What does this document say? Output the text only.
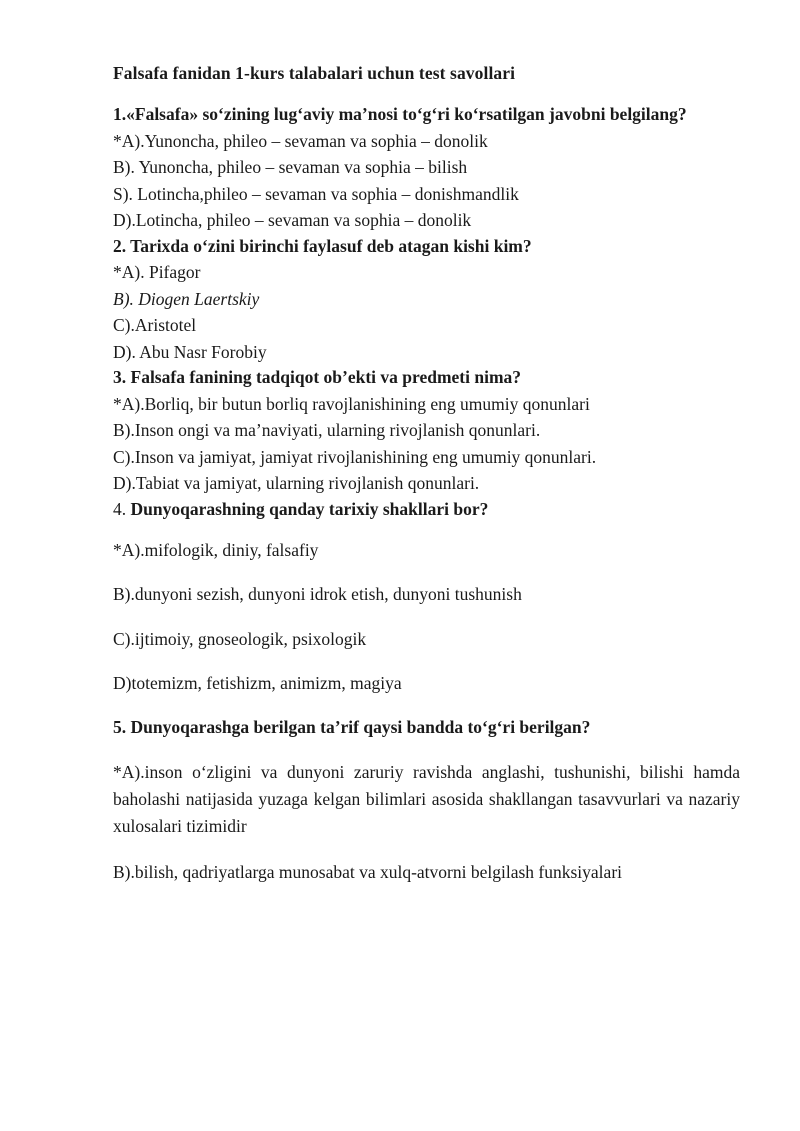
Falsafa fanidan 1-kurs talabalari uchun test savollari

1.«Falsafa» so‘zining lug‘aviy ma’nosi to‘g‘ri ko‘rsatilgan javobni belgilang?

*A).Yunoncha, phileo – sevaman va sophia – donolik

B). Yunoncha, phileo – sevaman va sophia – bilish

S). Lotincha,phileo – sevaman va sophia – donishmandlik

D).Lotincha, phileo – sevaman va sophia – donolik

2. Tarixda o‘zini birinchi faylasuf deb atagan kishi kim?

*A). Pifagor

B). Diogen Laertskiy

C).Aristotel

D). Abu Nasr Forobiy

3. Falsafa fanining tadqiqot ob’ekti va predmeti nima?

*A).Borliq, bir butun borliq ravojlanishining eng umumiy qonunlari

B).Inson ongi va ma’naviyati, ularning rivojlanish qonunlari.

C).Inson va jamiyat, jamiyat rivojlanishining eng umumiy qonunlari.

D).Tabiat va jamiyat, ularning rivojlanish qonunlari.

4. Dunyoqarashning qanday tarixiy shakllari bor?

*A).mifologik, diniy, falsafiy

B).dunyoni sezish, dunyoni idrok etish, dunyoni tushunish

C).ijtimoiy, gnoseologik, psixologik

D)totemizm, fetishizm, animizm, magiya

5. Dunyoqarashga berilgan ta’rif qaysi bandda to‘g‘ri berilgan?

*A).inson o‘zligini va dunyoni zaruriy ravishda anglashi, tushunishi, bilishi hamda baholashi natijasida yuzaga kelgan bilimlari asosida shakllangan tasavvurlari va nazariy xulosalari tizimidir

B).bilish, qadriyatlarga munosabat va xulq-atvorni belgilash funksiyalari
